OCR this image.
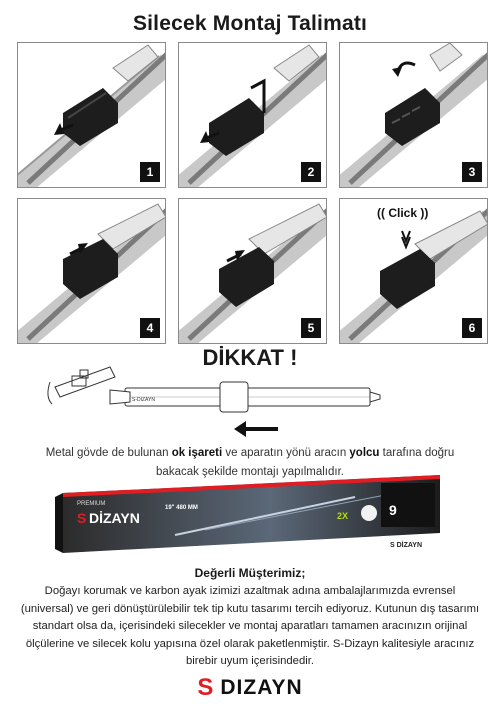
Silecek Montaj Talimatı
1	2	3
4	5
(( Click ))
6
DİKKAT !
S-DIZAYN
Metal gövde de bulunan ok işareti ve aparatın yönü aracın yolcu tarafına doğru bakacak şekilde montajı yapılmalıdır.
S DİZAYN
PREMIUM
19" 480 MM
2X	9
S DİZAYN
Değerli Müşterimiz;
Doğayı korumak ve karbon ayak izimizi azaltmak adına ambalajlarımızda evrensel (universal) ve geri dönüştürülebilir tek tip kutu tasarımı tercih ediyoruz. Kutunun dış tasarımı standart olsa da, içerisindeki silecekler ve montaj aparatları tamamen aracınızın orijinal ölçülerine ve silecek kolu yapısına özel olarak paketlenmiştir. S-Dizayn kalitesiyle aracınız birebir uyum içerisindedir.
S DIZAYN
